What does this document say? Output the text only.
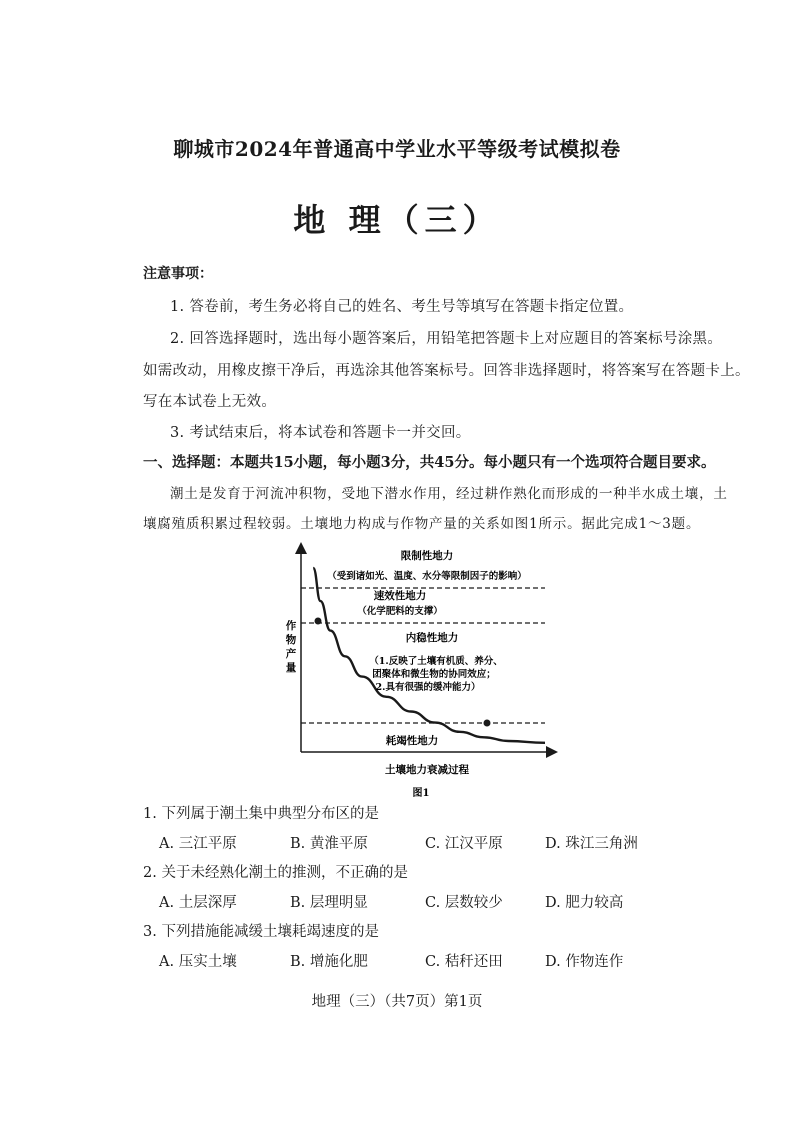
聊城市2024年普通高中学业水平等级考试模拟卷
地 理（三）
注意事项：
1. 答卷前，考生务必将自己的姓名、考生号等填写在答题卡指定位置。
2. 回答选择题时，选出每小题答案后，用铅笔把答题卡上对应题目的答案标号涂黑。
如需改动，用橡皮擦干净后，再选涂其他答案标号。回答非选择题时，将答案写在答题卡上。
写在本试卷上无效。
3. 考试结束后，将本试卷和答题卡一并交回。
一、选择题：本题共15小题，每小题3分，共45分。每小题只有一个选项符合题目要求。
潮土是发育于河流冲积物，受地下潜水作用，经过耕作熟化而形成的一种半水成土壤，土
壤腐殖质积累过程较弱。土壤地力构成与作物产量的关系如图1所示。据此完成1～3题。
限制性地力
（受到诸如光、温度、水分等限制因子的影响）
速效性地力
（化学肥料的支撑）
内稳性地力
（1.反映了土壤有机质、养分、
团聚体和微生物的协同效应；
2.具有很强的缓冲能力）
耗竭性地力
作
物
产
量
土壤地力衰减过程
图1
1. 下列属于潮土集中典型分布区的是
A. 三江平原	B. 黄淮平原	C. 江汉平原	D. 珠江三角洲
2. 关于未经熟化潮土的推测，不正确的是
A. 土层深厚	B. 层理明显	C. 层数较少	D. 肥力较高
3. 下列措施能减缓土壤耗竭速度的是
A. 压实土壤	B. 增施化肥	C. 秸秆还田	D. 作物连作
地理（三）（共7页）第1页
